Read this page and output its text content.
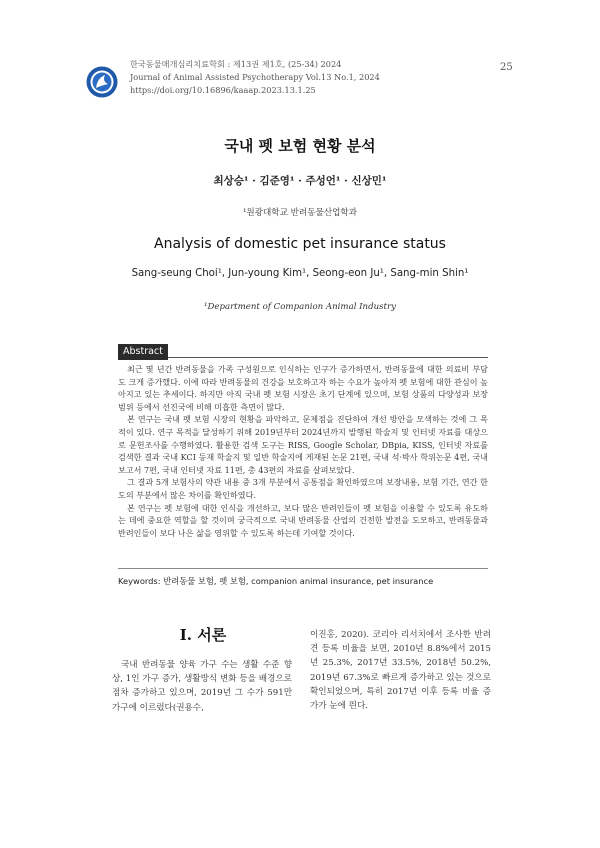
한국동물매개심리치료학회 : 제13권 제1호, (25-34) 2024
Journal of Animal Assisted Psychotherapy Vol.13 No.1, 2024
https://doi.org/10.16896/kaaap.2023.13.1.25
25
국내 펫 보험 현황 분석
최상승¹ · 김준영¹ · 주성언¹ · 신상민¹
¹원광대학교 반려동물산업학과
Analysis of domestic pet insurance status
Sang-seung Choi¹, Jun-young Kim¹, Seong-eon Ju¹, Sang-min Shin¹
¹Department of Companion Animal Industry
Abstract

최근 몇 년간 반려동물을 가족 구성원으로 인식하는 인구가 증가하면서, 반려동물에 대한 의료비 부담도 크게 증가했다. 이에 따라 반려동물의 건강을 보호하고자 하는 수요가 높아져 펫 보험에 대한 관심이 높아지고 있는 추세이다. 하지만 아직 국내 펫 보험 시장은 초기 단계에 있으며, 보험 상품의 다양성과 보장 범위 등에서 선진국에 비해 미흡한 측면이 많다.

본 연구는 국내 펫 보험 시장의 현황을 파악하고, 문제점을 진단하여 개선 방안을 모색하는 것에 그 목적이 있다. 연구 목적을 달성하기 위해 2019년부터 2024년까지 발행된 학술지 및 인터넷 자료를 대상으로 문헌조사를 수행하였다. 활용한 검색 도구는 RISS, Google Scholar, DBpia, KISS, 인터넷 자료를 검색한 결과 국내 KCI 등재 학술지 및 일반 학술지에 게재된 논문 21편, 국내 석·박사 학위논문 4편, 국내 보고서 7편, 국내 인터넷 자료 11편, 총 43편의 자료를 살펴보았다.

그 결과 5개 보험사의 약관 내용 중 3개 부분에서 공통점을 확인하였으며 보장내용, 보험 기간, 연간 한도의 부분에서 많은 차이를 확인하였다.

본 연구는 펫 보험에 대한 인식을 개선하고, 보다 많은 반려인들이 펫 보험을 이용할 수 있도록 유도하는 데에 중요한 역할을 할 것이며 궁극적으로 국내 반려동물 산업의 건전한 발전을 도모하고, 반려동물과 반려인들이 보다 나은 삶을 영위할 수 있도록 하는데 기여할 것이다.

Keywords: 반려동물 보험, 펫 보험, companion animal insurance, pet insurance
Ⅰ. 서론

국내 반려동물 양육 가구 수는 생활 수준 향상, 1인 가구 증가, 생활방식 변화 등을 배경으로 점차 증가하고 있으며, 2019년 그 수가 591만 가구에 이르렀다(권용수,

이진홍, 2020). 코리아 리서치에서 조사한 반려견 등록 비율을 보면, 2010년 8.8%에서 2015년 25.3%, 2017년 33.5%, 2018년 50.2%, 2019년 67.3%로 빠르게 증가하고 있는 것으로 확인되었으며, 특히 2017년 이후 등록 비율 증가가 눈에 띈다.
